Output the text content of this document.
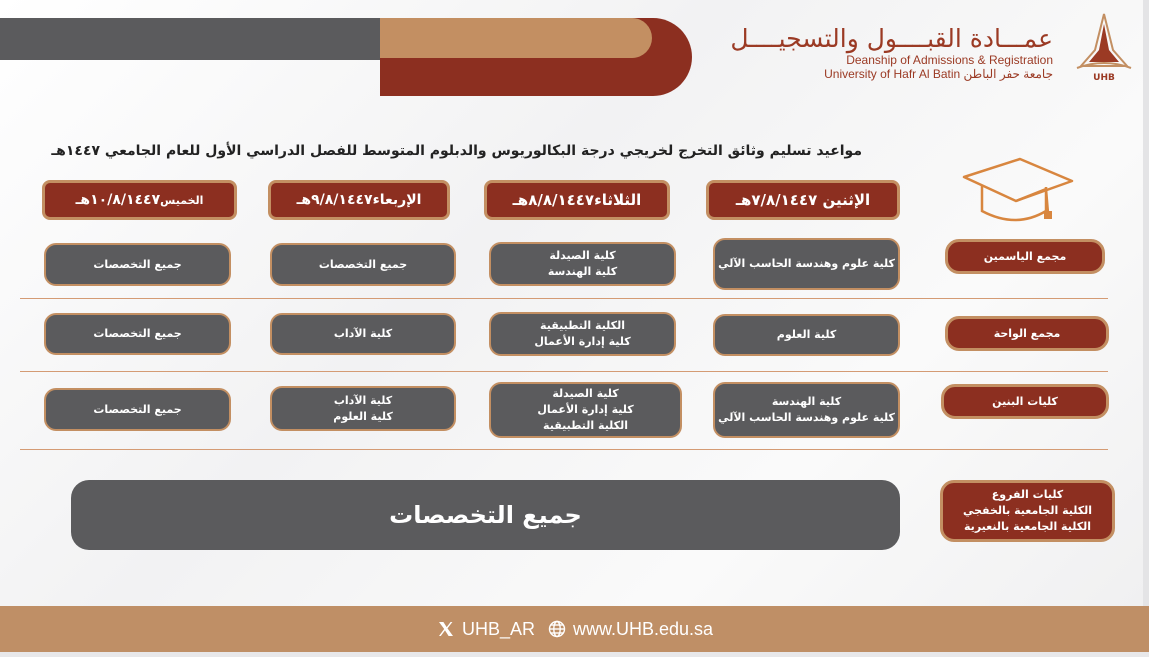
عمـــادة القبــــول والتسجيــــل
Deanship of Admissions & Registration
University of Hafr Al Batin جامعة حفر الباطن	UHB
مواعيد تسليم وثائق التخرج لخريجي درجة البكالوريوس والدبلوم المتوسط للفصل الدراسي الأول للعام الجامعي ١٤٤٧هـ
الإثنين ٧/٨/١٤٤٧هـ
الثلاثاء٨/٨/١٤٤٧هـ
الإربعاء٩/٨/١٤٤٧هـ
الخميس
١٠/٨/١٤٤٧هـ
مجمع الياسمين
مجمع الواحة
كليات البنين
كليات الفروع
الكلية الجامعية بالخفجي
الكلية الجامعية بالنعيرية
كلية علوم وهندسة الحاسب الآلي
كلية الصيدلة
كلية الهندسة
جميع التخصصات
جميع التخصصات
كلية العلوم
الكلية التطبيقية
كلية إدارة الأعمال
كلية الآداب
جميع التخصصات
كلية الهندسة
كلية علوم وهندسة الحاسب الآلي
كلية الصيدلة
كلية إدارة الأعمال
الكلية التطبيقية
كلية الآداب
كلية العلوم
جميع التخصصات
جميع التخصصات
UHB_AR www.UHB.edu.sa
